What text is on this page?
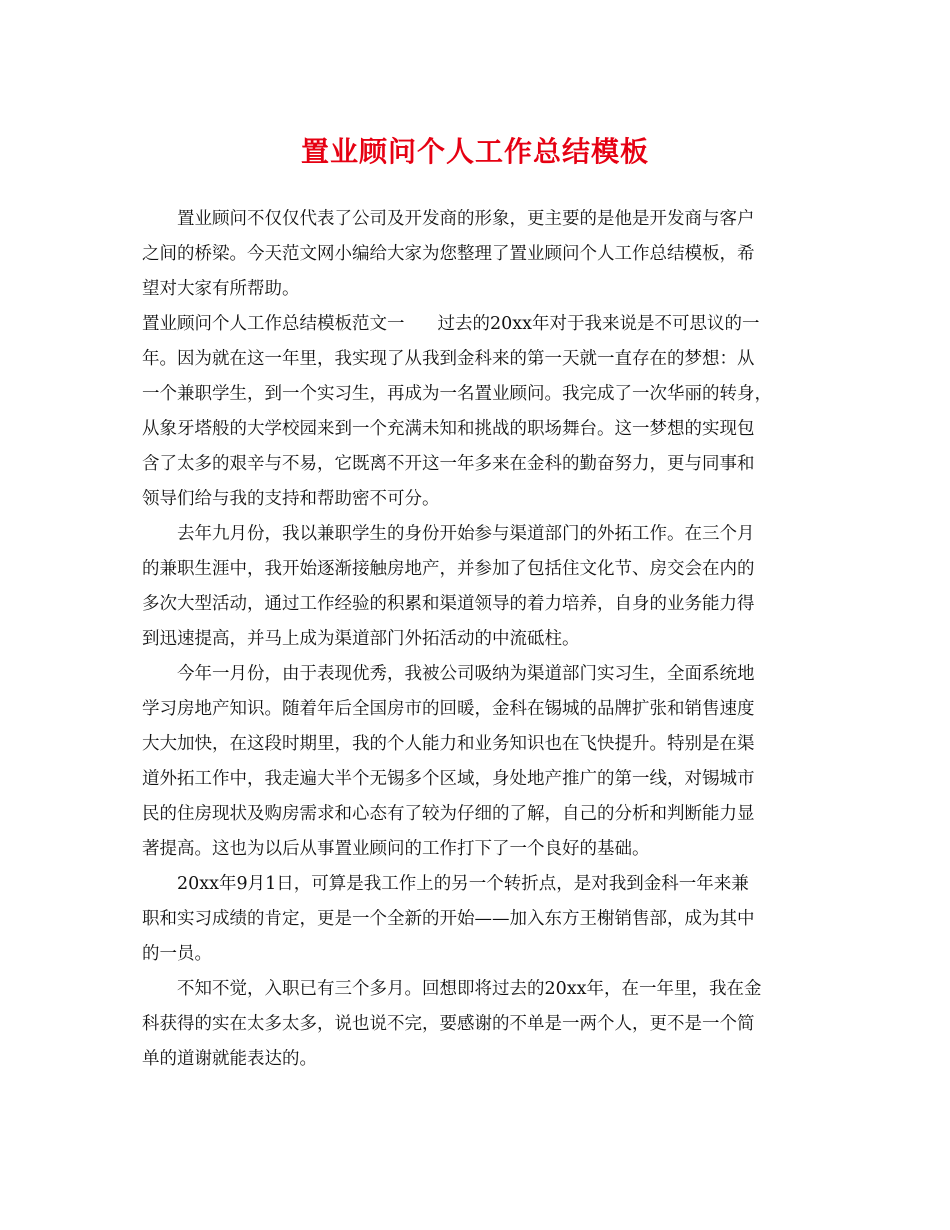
置业顾问个人工作总结模板
置业顾问不仅仅代表了公司及开发商的形象，更主要的是他是开发商与客户
之间的桥梁。今天范文网小编给大家为您整理了置业顾问个人工作总结模板，希
望对大家有所帮助。
置业顾问个人工作总结模板范文一 过去的20xx年对于我来说是不可思议的一
年。因为就在这一年里，我实现了从我到金科来的第一天就一直存在的梦想：从
一个兼职学生，到一个实习生，再成为一名置业顾问。我完成了一次华丽的转身，
从象牙塔般的大学校园来到一个充满未知和挑战的职场舞台。这一梦想的实现包
含了太多的艰辛与不易，它既离不开这一年多来在金科的勤奋努力，更与同事和
领导们给与我的支持和帮助密不可分。
去年九月份，我以兼职学生的身份开始参与渠道部门的外拓工作。在三个月
的兼职生涯中，我开始逐渐接触房地产，并参加了包括住文化节、房交会在内的
多次大型活动，通过工作经验的积累和渠道领导的着力培养，自身的业务能力得
到迅速提高，并马上成为渠道部门外拓活动的中流砥柱。
今年一月份，由于表现优秀，我被公司吸纳为渠道部门实习生，全面系统地
学习房地产知识。随着年后全国房市的回暖，金科在锡城的品牌扩张和销售速度
大大加快，在这段时期里，我的个人能力和业务知识也在飞快提升。特别是在渠
道外拓工作中，我走遍大半个无锡多个区域，身处地产推广的第一线，对锡城市
民的住房现状及购房需求和心态有了较为仔细的了解，自己的分析和判断能力显
著提高。这也为以后从事置业顾问的工作打下了一个良好的基础。
20xx年9月1日，可算是我工作上的另一个转折点，是对我到金科一年来兼
职和实习成绩的肯定，更是一个全新的开始——加入东方王榭销售部，成为其中
的一员。
不知不觉，入职已有三个多月。回想即将过去的20xx年，在一年里，我在金
科获得的实在太多太多，说也说不完，要感谢的不单是一两个人，更不是一个简
单的道谢就能表达的。
